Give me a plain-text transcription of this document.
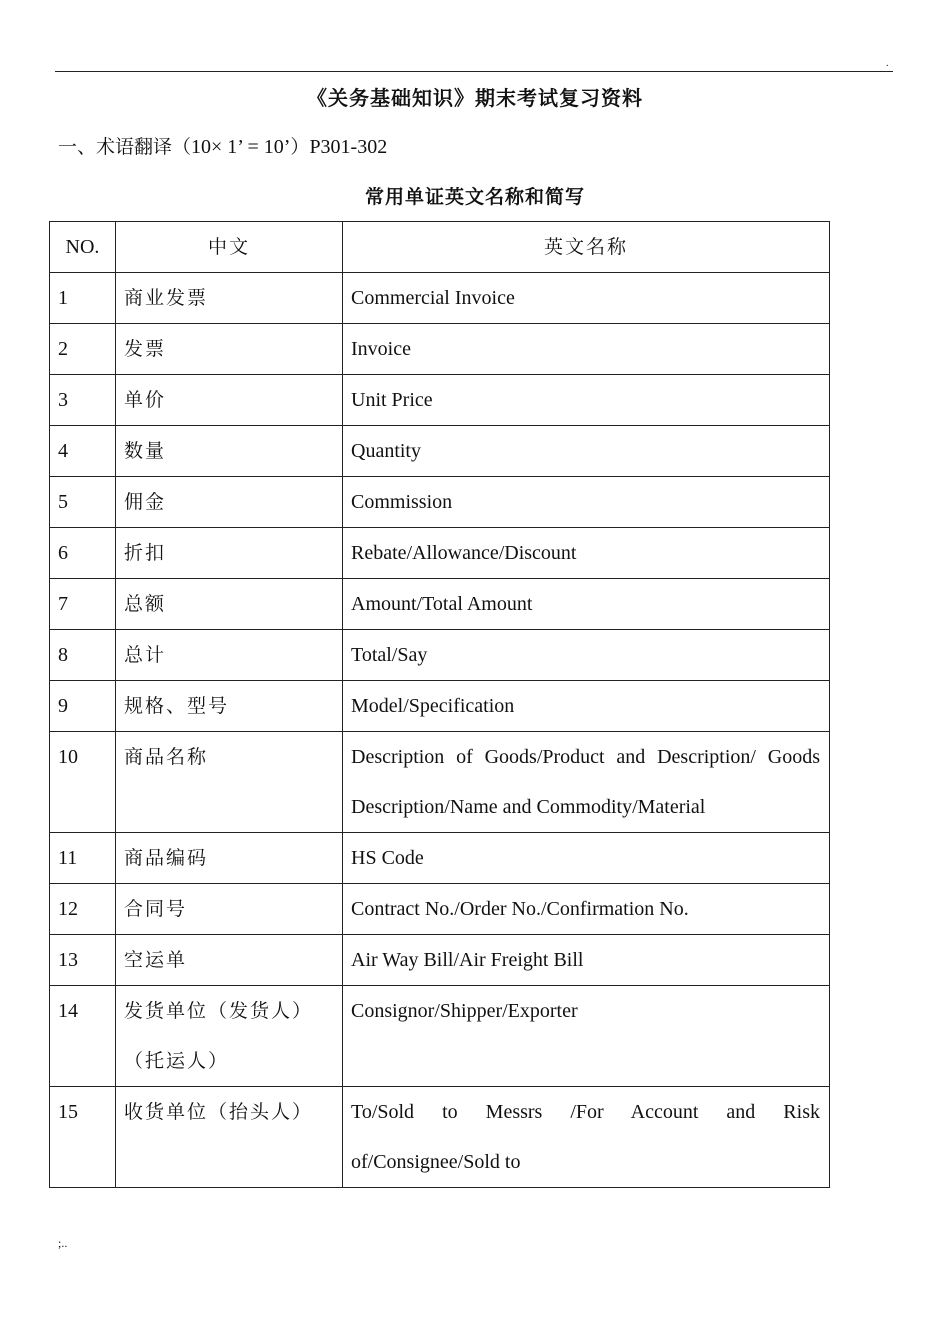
.
《关务基础知识》期末考试复习资料
一、术语翻译（10× 1’ = 10’）P301-302
常用单证英文名称和简写
NO.	中文	英文名称
1	商业发票	Commercial Invoice
2	发票	Invoice
3	单价	Unit Price
4	数量	Quantity
5	佣金	Commission
6	折扣	Rebate/Allowance/Discount
7	总额	Amount/Total Amount
8	总计	Total/Say
9	规格、型号	Model/Specification
10	商品名称	Description of Goods/Product and Description/ Goods Description/Name and Commodity/Material
11	商品编码	HS Code
12	合同号	Contract No./Order No./Confirmation No.
13	空运单	Air Way Bill/Air Freight Bill
14	发货单位（发货人）（托运人）	Consignor/Shipper/Exporter
15	收货单位（抬头人）	To/Sold to Messrs /For Account and Risk of/Consignee/Sold to
;..
